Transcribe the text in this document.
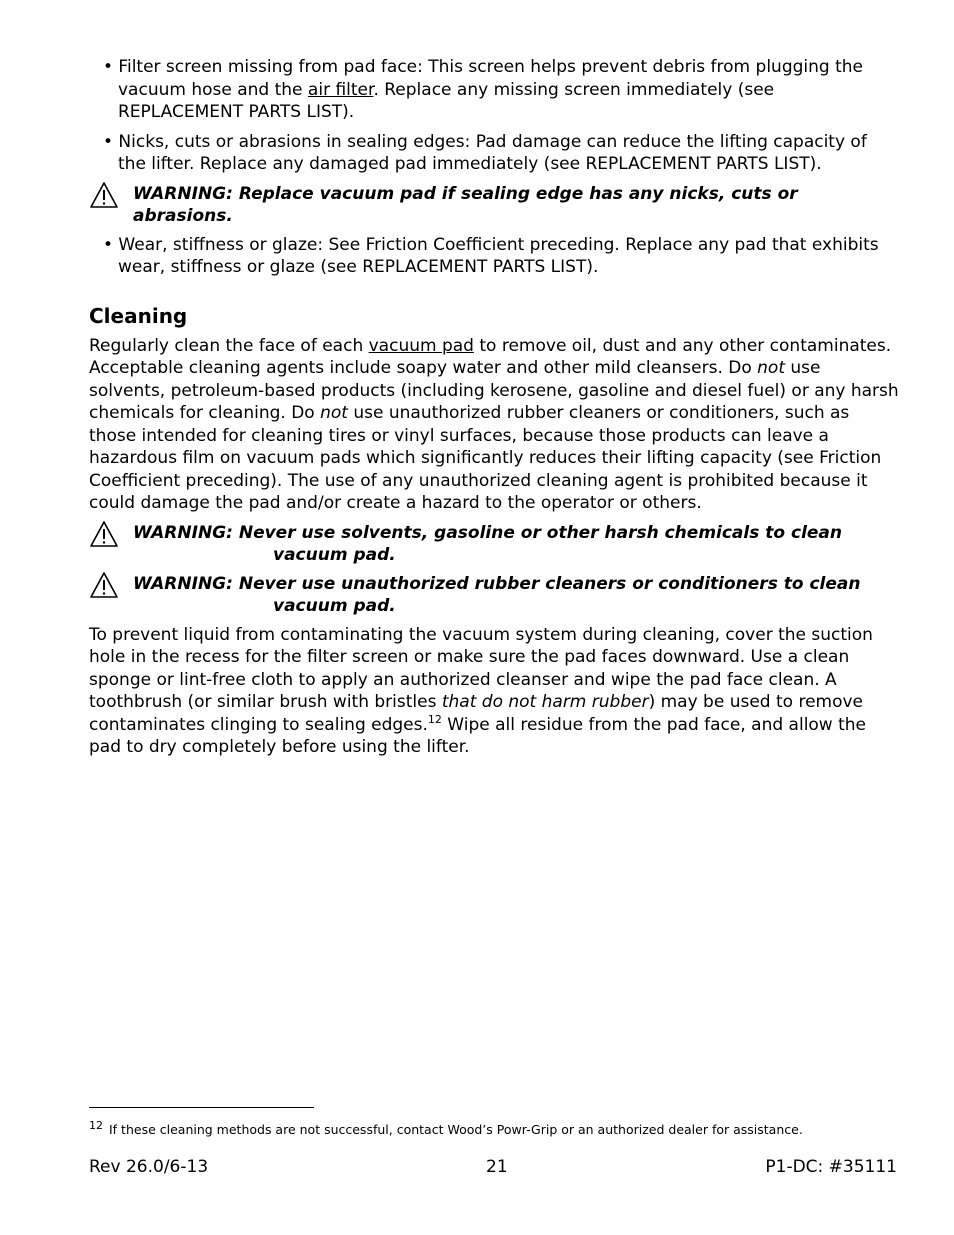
• Filter screen missing from pad face: This screen helps prevent debris from plugging the vacuum hose and the air filter. Replace any missing screen immediately (see REPLACEMENT PARTS LIST).

• Nicks, cuts or abrasions in sealing edges: Pad damage can reduce the lifting capacity of the lifter. Replace any damaged pad immediately (see REPLACEMENT PARTS LIST).

WARNING: Replace vacuum pad if sealing edge has any nicks, cuts or abrasions.

• Wear, stiffness or glaze: See Friction Coefficient preceding. Replace any pad that exhibits wear, stiffness or glaze (see REPLACEMENT PARTS LIST).

Cleaning

Regularly clean the face of each vacuum pad to remove oil, dust and any other contaminates. Acceptable cleaning agents include soapy water and other mild cleansers. Do not use solvents, petroleum-based products (including kerosene, gasoline and diesel fuel) or any harsh chemicals for cleaning. Do not use unauthorized rubber cleaners or conditioners, such as those intended for cleaning tires or vinyl surfaces, because those products can leave a hazardous film on vacuum pads which significantly reduces their lifting capacity (see Friction Coefficient preceding). The use of any unauthorized cleaning agent is prohibited because it could damage the pad and/or create a hazard to the operator or others.

WARNING: Never use solvents, gasoline or other harsh chemicals to clean
vacuum pad.
WARNING: Never use unauthorized rubber cleaners or conditioners to clean
vacuum pad.

To prevent liquid from contaminating the vacuum system during cleaning, cover the suction hole in the recess for the filter screen or make sure the pad faces downward. Use a clean sponge or lint-free cloth to apply an authorized cleanser and wipe the pad face clean. A toothbrush (or similar brush with bristles that do not harm rubber) may be used to remove contaminates clinging to sealing edges.$^{12}$ Wipe all residue from the pad face, and allow the pad to dry completely before using the lifter.

$^{12}$ If these cleaning methods are not successful, contact Wood’s Powr-Grip or an authorized dealer for assistance.
Rev 26.0/6-13	21	P1-DC: #35111
